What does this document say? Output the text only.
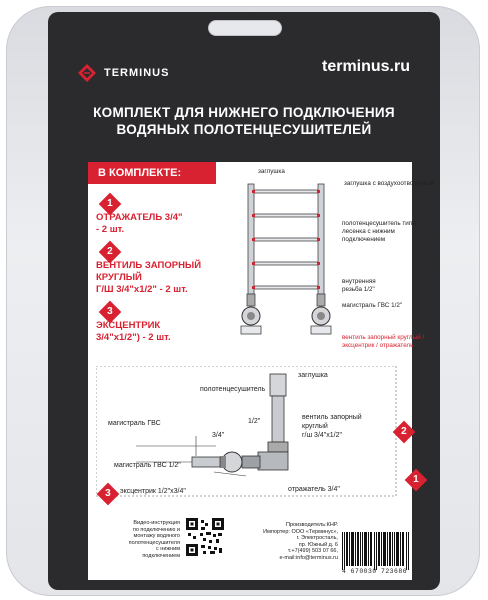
TERMINUS	terminus.ru
КОМПЛЕКТ ДЛЯ НИЖНЕГО ПОДКЛЮЧЕНИЯ
ВОДЯНЫХ ПОЛОТЕНЦЕСУШИТЕЛЕЙ
В КОМПЛЕКТЕ:
1
ОТРАЖАТЕЛЬ 3/4"
- 2 шт.
2
ВЕНТИЛЬ ЗАПОРНЫЙ
КРУГЛЫЙ
Г/Ш 3/4"х1/2" - 2 шт.
3
ЭКСЦЕНТРИК
3/4"х1/2") - 2 шт.
заглушка
заглушка с воздухоотводчиком
полотенцесушитель типа
лесенка с нижним
подключением
внутренняя
резьба 1/2"
магистраль ГВС 1/2"
вентиль запорный круглый /
эксцентрик / отражатель
заглушка
полотенцесушитель
1/2"
вентиль запорный
круглый
г/ш 3/4"х1/2"
магистраль ГВС
3/4"
магистраль ГВС 1/2"
эксцентрик 1/2"х3/4"	отражатель 3/4"
2
1
3
Видео-инструкция
по подключению и
монтажу водяного
полотенцесушителя
с нижним
подключением
Производитель:КНР.
Импортер: ООО «Терминус»,
г. Электросталь,
пр. Южный д. 6
т.+7(499) 503 07 66,
e-mail:info@terminus.ru
4 670030 723686
